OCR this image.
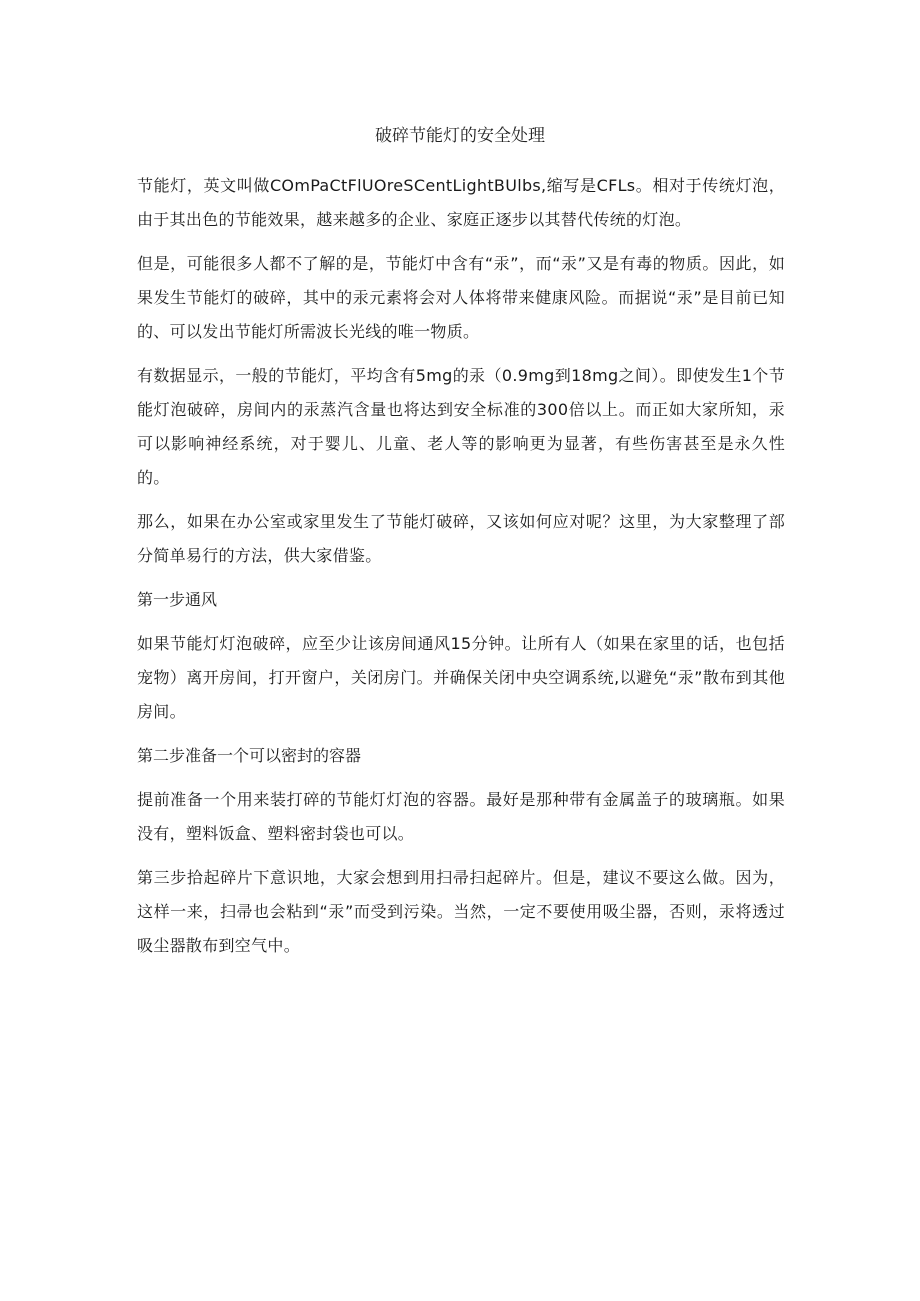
破碎节能灯的安全处理

节能灯，英文叫做COmPaCtFlUOreSCentLightBUlbs,缩写是CFLs。相对于传统灯泡，由于其出色的节能效果，越来越多的企业、家庭正逐步以其替代传统的灯泡。

但是，可能很多人都不了解的是，节能灯中含有“汞”，而“汞”又是有毒的物质。因此，如果发生节能灯的破碎，其中的汞元素将会对人体将带来健康风险。而据说“汞”是目前已知的、可以发出节能灯所需波长光线的唯一物质。

有数据显示，一般的节能灯，平均含有5mg的汞（0.9mg到18mg之间）。即使发生1个节能灯泡破碎，房间内的汞蒸汽含量也将达到安全标准的300倍以上。而正如大家所知，汞可以影响神经系统，对于婴儿、儿童、老人等的影响更为显著，有些伤害甚至是永久性的。

那么，如果在办公室或家里发生了节能灯破碎，又该如何应对呢？这里，为大家整理了部分简单易行的方法，供大家借鉴。

第一步通风

如果节能灯灯泡破碎，应至少让该房间通风15分钟。让所有人（如果在家里的话，也包括宠物）离开房间，打开窗户，关闭房门。并确保关闭中央空调系统,以避免“汞”散布到其他房间。

第二步准备一个可以密封的容器

提前准备一个用来装打碎的节能灯灯泡的容器。最好是那种带有金属盖子的玻璃瓶。如果没有，塑料饭盒、塑料密封袋也可以。

第三步拾起碎片下意识地，大家会想到用扫帚扫起碎片。但是，建议不要这么做。因为，这样一来，扫帚也会粘到“汞”而受到污染。当然，一定不要使用吸尘器，否则，汞将透过吸尘器散布到空气中。
